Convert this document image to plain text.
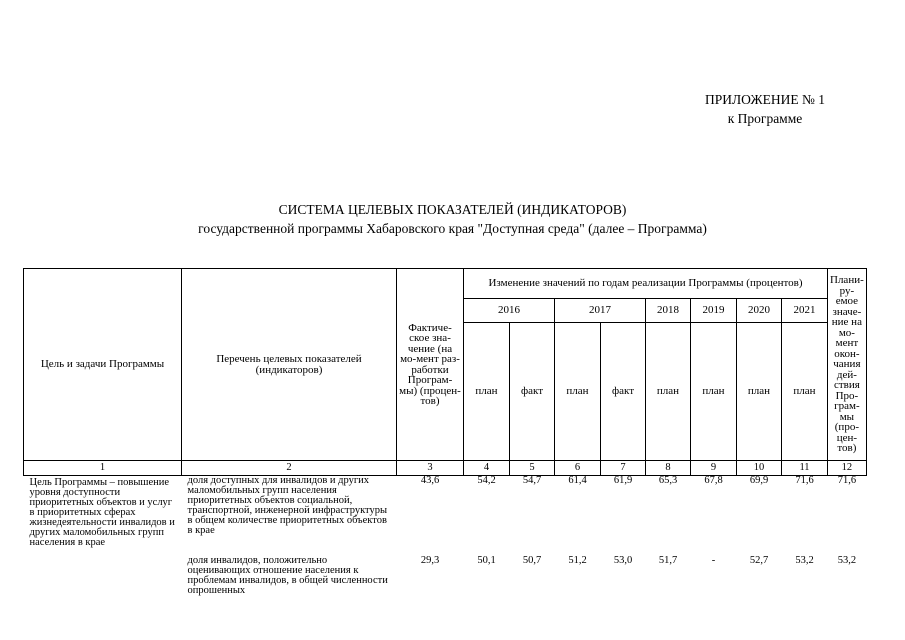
ПРИЛОЖЕНИЕ № 1
к Программе
СИСТЕМА ЦЕЛЕВЫХ ПОКАЗАТЕЛЕЙ (ИНДИКАТОРОВ)
государственной программы Хабаровского края "Доступная среда" (далее – Программа)
Цель и задачи Программы	Перечень целевых показателей (индикаторов)	Фактиче-ское зна-чение (на мо-мент раз-работки Програм-мы) (процен-тов)	Изменение значений по годам реализации Программы (процентов)								Плани-ру-емое значе-ние на мо-мент окон-чания дей-ствия Про-грам-мы (про-цен-тов)
			2016		2017		2018	2019	2020	2021	
			план	факт	план	факт	план	план	план	план	
1	2	3	4	5	6	7	8	9	10	11	12
Цель Программы – повышение уровня доступности приоритетных объектов и услуг в приоритетных сферах жизнедеятельности инвалидов и других маломобильных групп населения в крае	доля доступных для инвалидов и других маломобильных групп населения приоритетных объектов социальной, транспортной, инженерной инфраструктуры в общем количестве приоритетных объектов в крае	43,6	54,2	54,7	61,4	61,9	65,3	67,8	69,9	71,6	71,6
	доля инвалидов, положительно оценивающих отношение населения к проблемам инвалидов, в общей численности опрошенных	29,3	50,1	50,7	51,2	53,0	51,7	-	52,7	53,2	53,2
